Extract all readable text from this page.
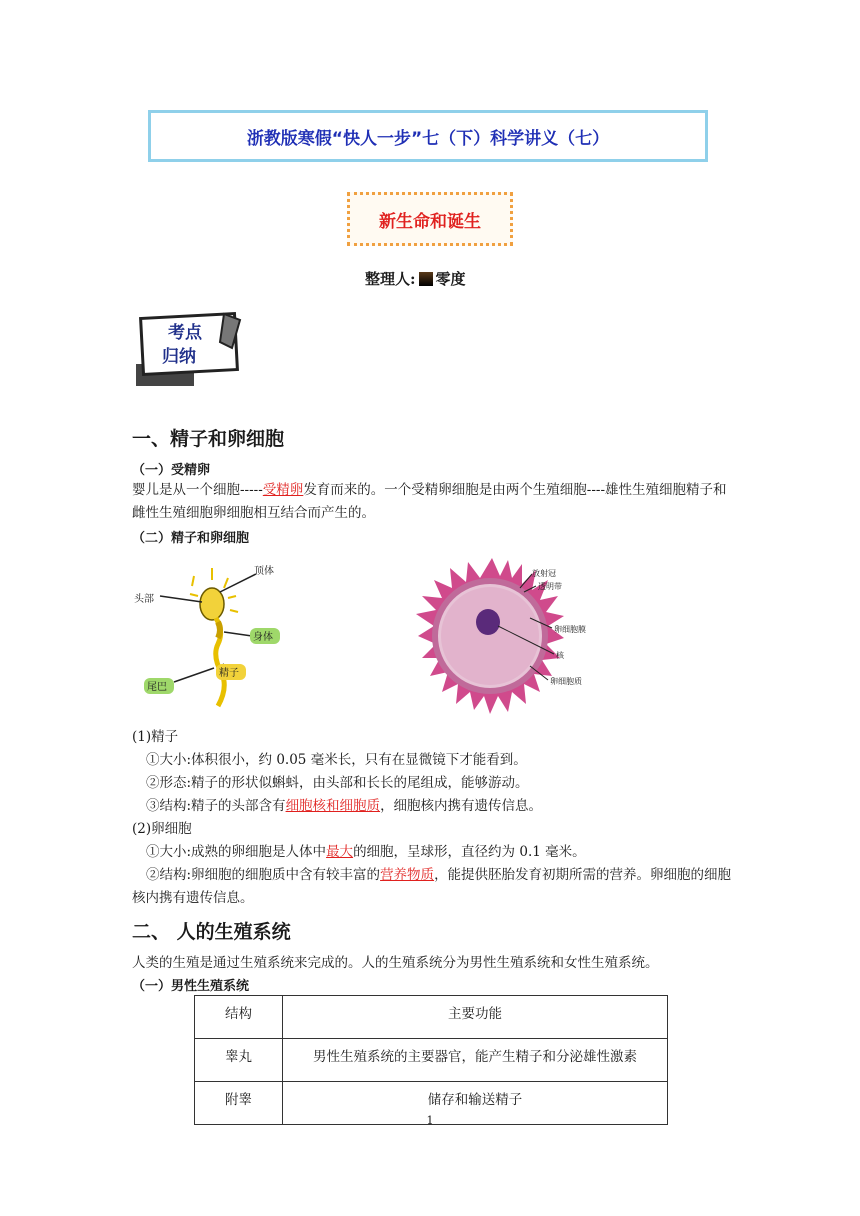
浙教版寒假“快人一步”七（下）科学讲义（七）
新生命和诞生
整理人: 零度
考点
归纳
一、精子和卵细胞
（一）受精卵
婴儿是从一个细胞-----受精卵发育而来的。一个受精卵细胞是由两个生殖细胞----雄性生殖细胞精子和雌性生殖细胞卵细胞相互结合而产生的。
（二）精子和卵细胞
顶体
头部
身体
尾巴
精子
放射冠
透明带
卵细胞膜
核
卵细胞质
(1)精子
①大小:体积很小，约 0.05 毫米长，只有在显微镜下才能看到。
②形态:精子的形状似蝌蚪，由头部和长长的尾组成，能够游动。
③结构:精子的头部含有细胞核和细胞质，细胞核内携有遗传信息。
(2)卵细胞
①大小:成熟的卵细胞是人体中最大的细胞，呈球形，直径约为 0.1 毫米。
②结构:卵细胞的细胞质中含有较丰富的营养物质，能提供胚胎发育初期所需的营养。卵细胞的细胞核内携有遗传信息。
二、 人的生殖系统
人类的生殖是通过生殖系统来完成的。人的生殖系统分为男性生殖系统和女性生殖系统。
（一）男性生殖系统
结构	主要功能
睾丸	男性生殖系统的主要器官，能产生精子和分泌雄性激素
附睾	储存和输送精子
1
